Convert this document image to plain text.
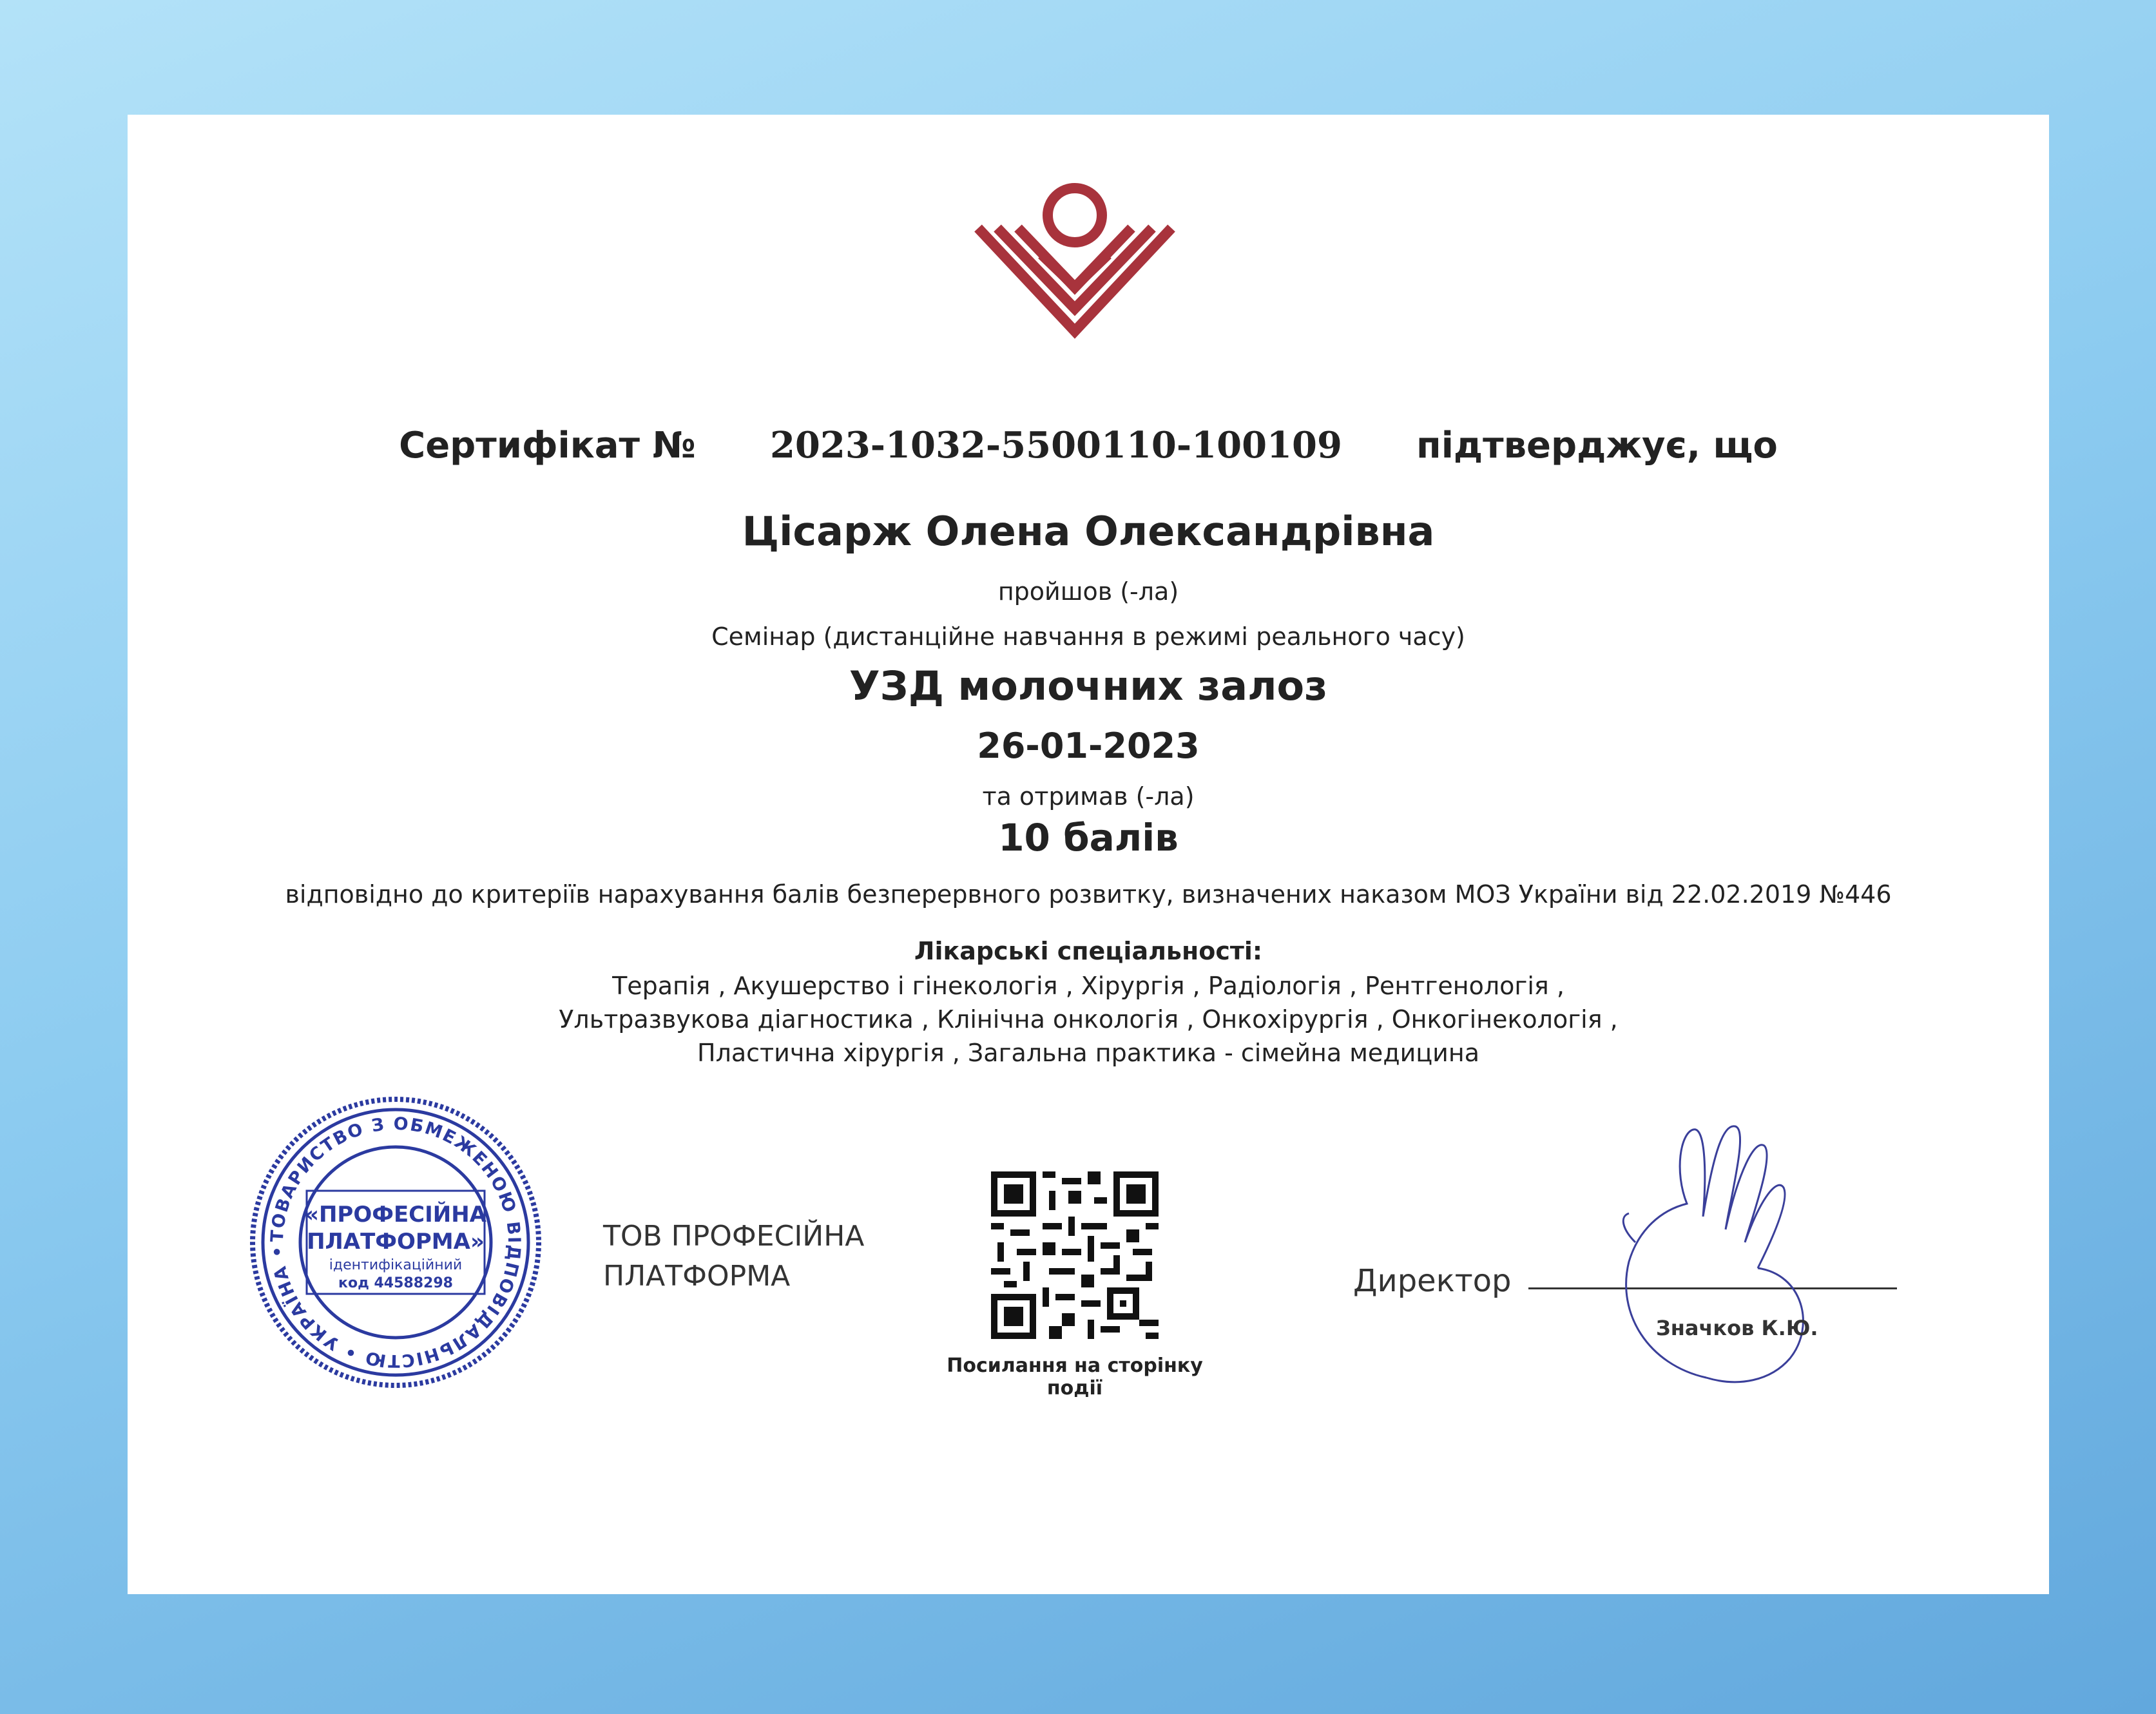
Сертифікат № 2023-1032-5500110-100109 підтверджує, що
Цісарж Олена Олександрівна
пройшов (-ла)
Семінар (дистанційне навчання в режимі реального часу)
УЗД молочних залоз
26-01-2023
та отримав (-ла)
10 балів
відповідно до критеріїв нарахування балів безперервного розвитку, визначених наказом МОЗ України від 22.02.2019 №446
Лікарські спеціальності:
Терапія , Акушерство і гінекологія , Хірургія , Радіологія , Рентгенологія ,
Ультразвукова діагностика , Клінічна онкологія , Онкохірургія , Онкогінекологія ,
Пластична хірургія , Загальна практика - сімейна медицина
ТОВАРИСТВО З ОБМЕЖЕНОЮ ВІДПОВІДАЛЬНІСТЮ • УКРАЇНА •
«ПРОФЕСІЙНА
ПЛАТФОРМА»
ідентифікаційний
код 44588298
ТОВ ПРОФЕСІЙНА
ПЛАТФОРМА
Посилання на сторінку події
Директор
Значков К.Ю.
